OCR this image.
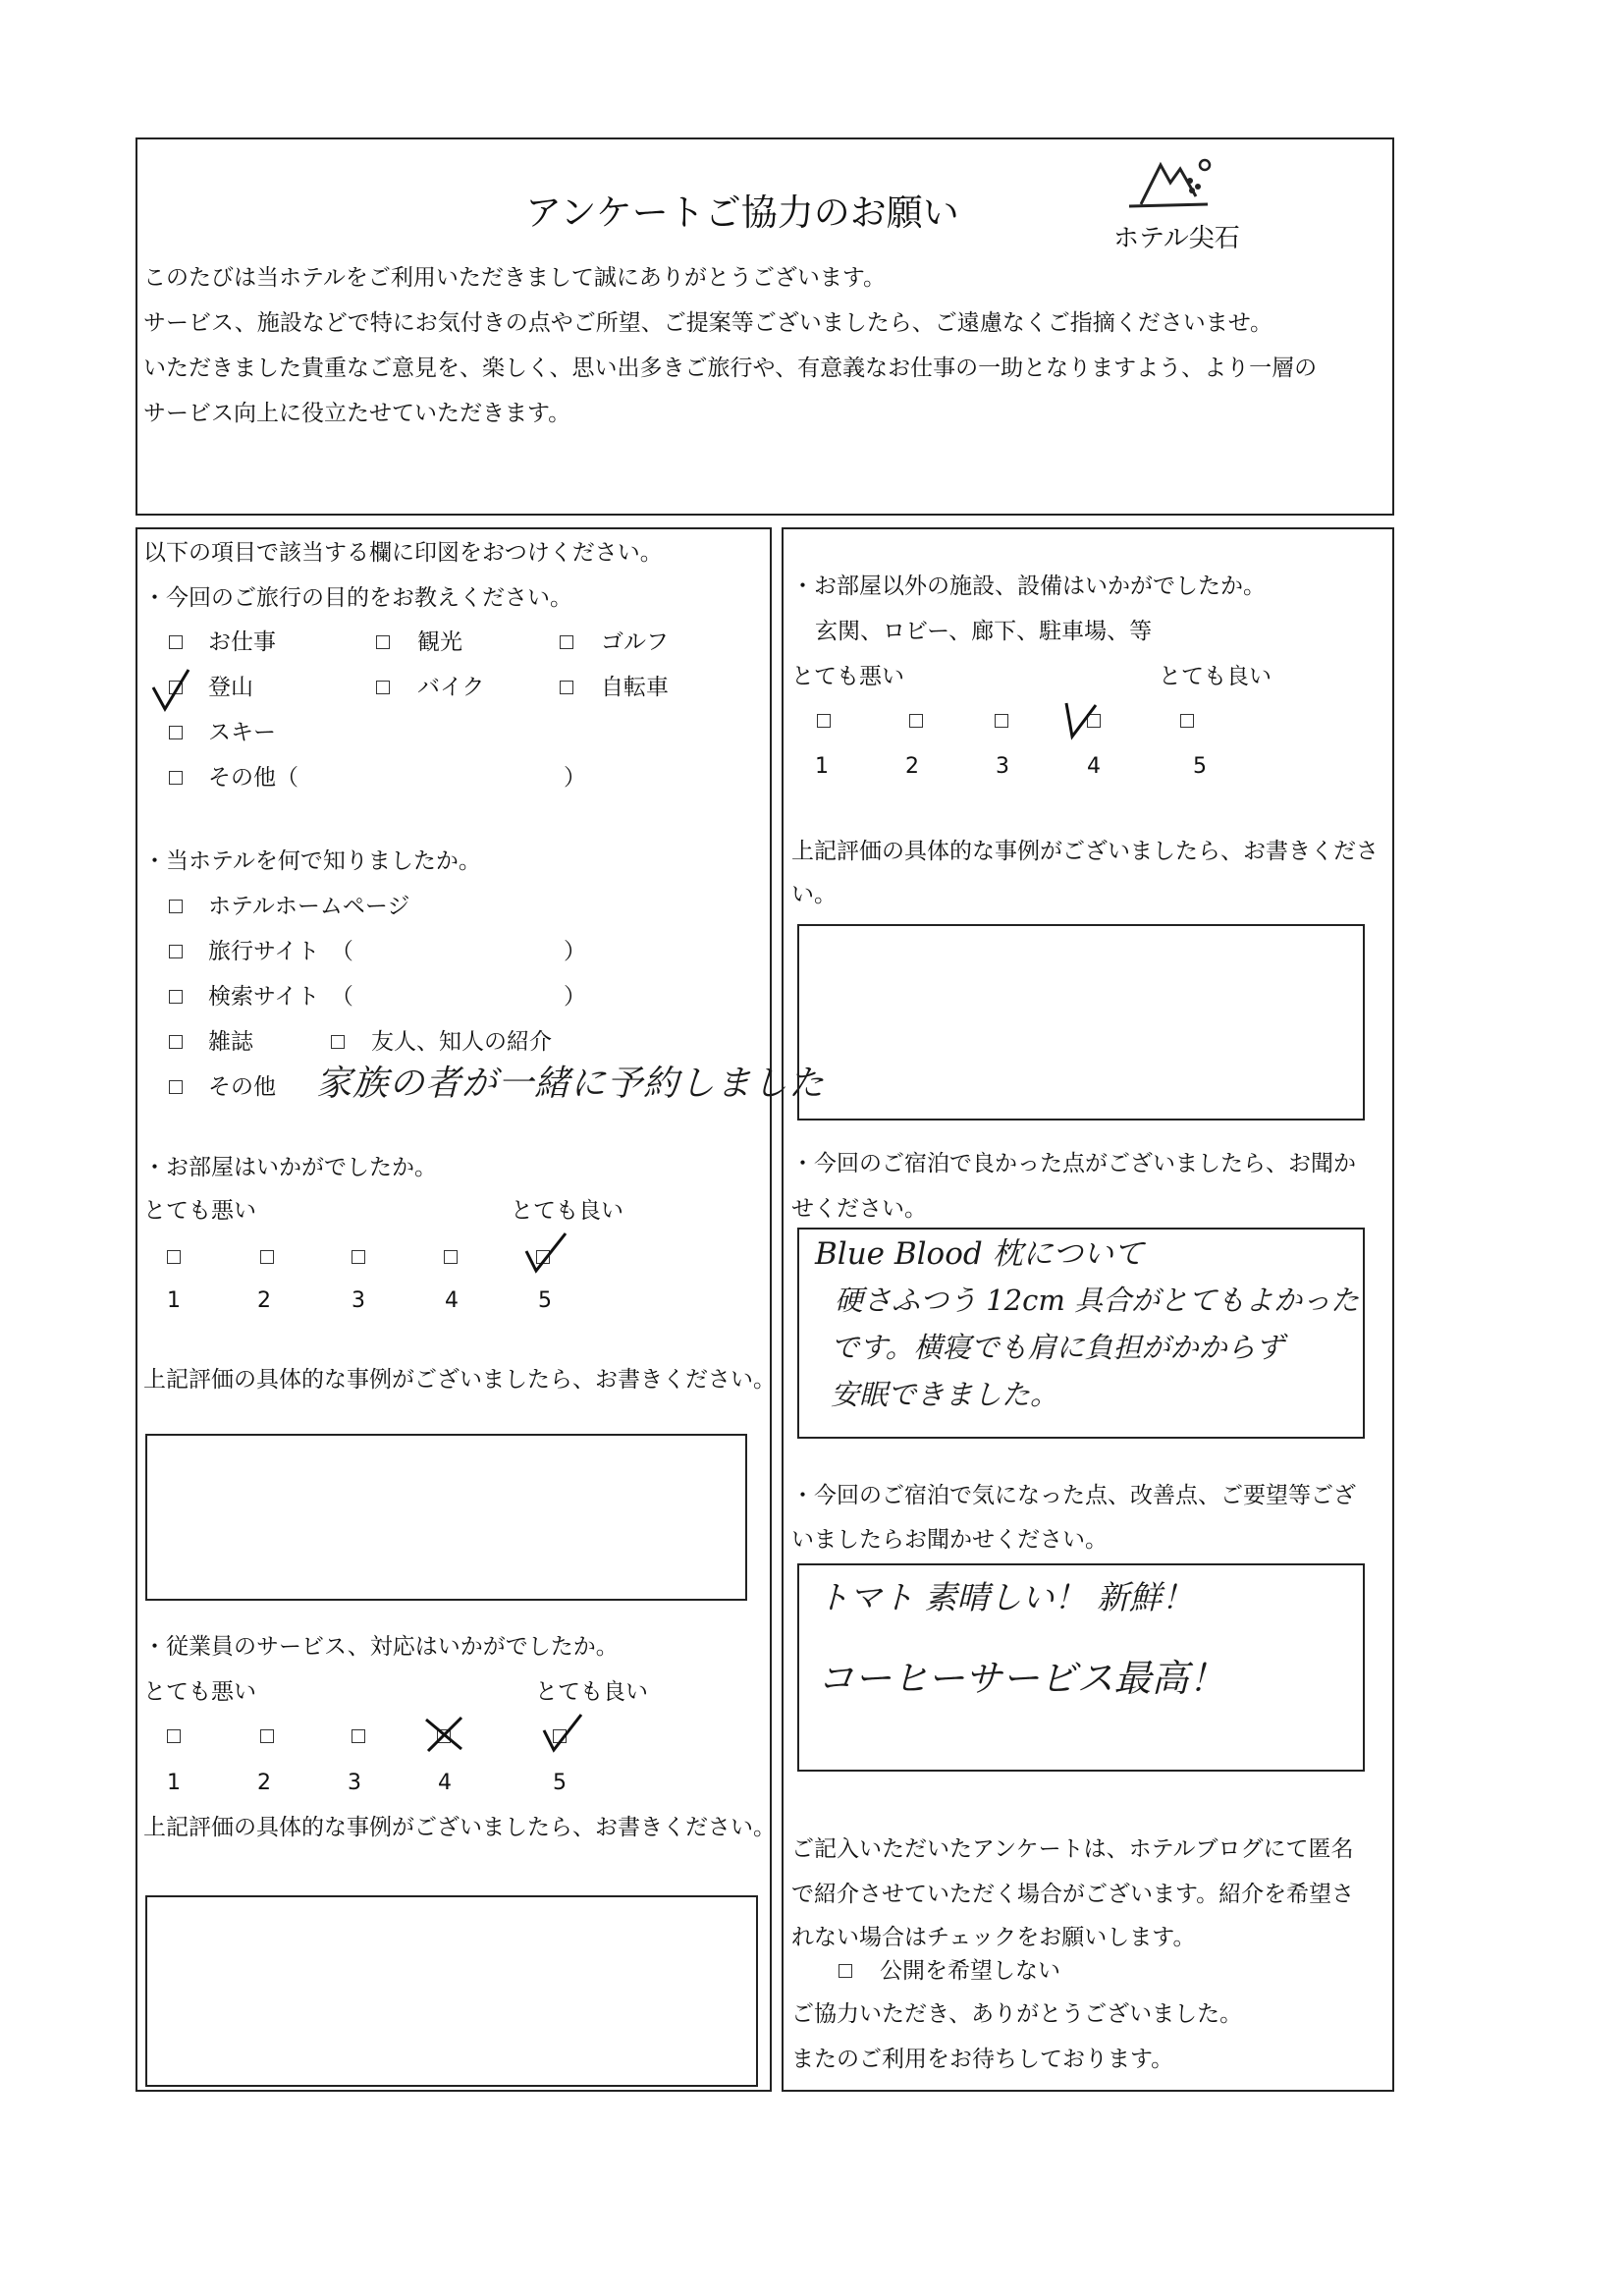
アンケートご協力のお願い
ホテル尖石
このたびは当ホテルをご利用いただきまして誠にありがとうございます。
サービス、施設などで特にお気付きの点やご所望、ご提案等ございましたら、ご遠慮なくご指摘くださいませ。
いただきました貴重なご意見を、楽しく、思い出多きご旅行や、有意義なお仕事の一助となりますよう、より一層の
サービス向上に役立たせていただきます。
以下の項目で該当する欄に印図をおつけください。
・今回のご旅行の目的をお教えください。
お仕事	観光	ゴルフ
登山	バイク	自転車
スキー
その他（	）
・当ホテルを何で知りましたか。
ホテルホームページ
旅行サイト　（	）
検索サイト　（	）
雑誌	友人、知人の紹介
その他 家族の者が一緒に予約しました
・お部屋はいかがでしたか。
とても悪い	とても良い
1	2	3	4	5
上記評価の具体的な事例がございましたら、お書きください。
・従業員のサービス、対応はいかがでしたか。
とても悪い	とても良い
1	2	3	4	5
上記評価の具体的な事例がございましたら、お書きください。
・お部屋以外の施設、設備はいかがでしたか。
玄関、ロビー、廊下、駐車場、等
とても悪い	とても良い
1	2	3	4	5
上記評価の具体的な事例がございましたら、お書きくださ
い。
・今回のご宿泊で良かった点がございましたら、お聞か
せください。
Blue Blood 枕について
硬さふつう 12cm 具合がとてもよかった
です。横寝でも肩に負担がかからず
安眠できました。
・今回のご宿泊で気になった点、改善点、ご要望等ござ
いましたらお聞かせください。
トマト 素晴しい！ 新鮮！
コーヒーサービス最高！
ご記入いただいたアンケートは、ホテルブログにて匿名
で紹介させていただく場合がございます。紹介を希望さ
れない場合はチェックをお願いします。
公開を希望しない
ご協力いただき、ありがとうございました。
またのご利用をお待ちしております。
